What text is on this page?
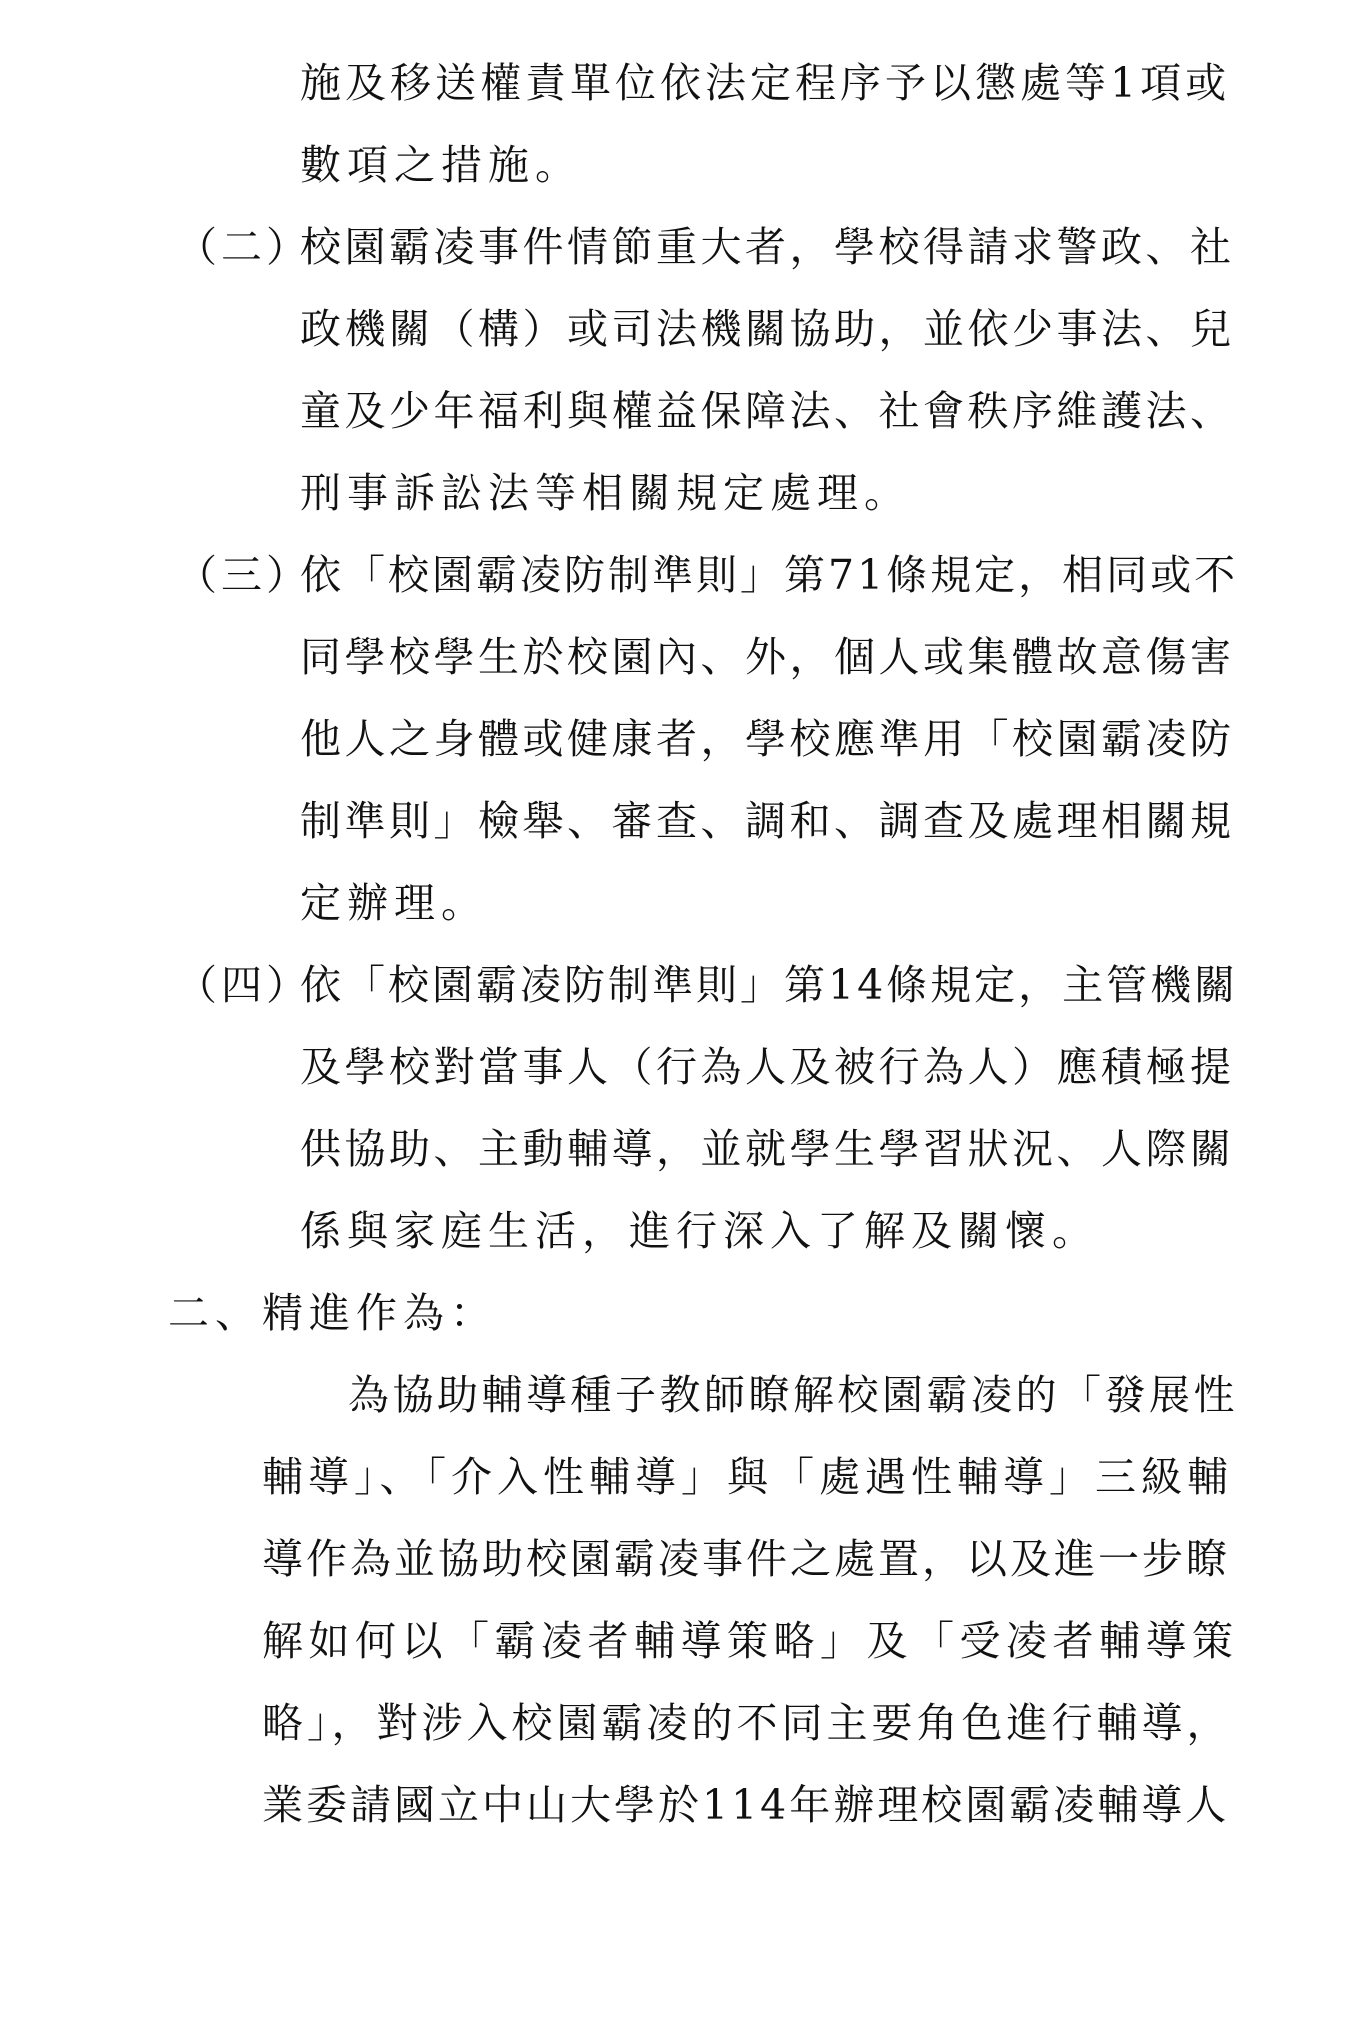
施及移送權責單位依法定程序予以懲處等1項或
數項之措施。
（二）
校園霸凌事件情節重大者，學校得請求警政、社
政機關（構）或司法機關協助，並依少事法、兒
童及少年福利與權益保障法、社會秩序維護法、
刑事訴訟法等相關規定處理。
（三）
依「校園霸凌防制準則」第71條規定，相同或不
同學校學生於校園內、外，個人或集體故意傷害
他人之身體或健康者，學校應準用「校園霸凌防
制準則」檢舉、審查、調和、調查及處理相關規
定辦理。
（四）
依「校園霸凌防制準則」第14條規定，主管機關
及學校對當事人（行為人及被行為人）應積極提
供協助、主動輔導，並就學生學習狀況、人際關
係與家庭生活，進行深入了解及關懷。
二、精進作為：
為協助輔導種子教師瞭解校園霸凌的「發展性
輔導」、「介入性輔導」與「處遇性輔導」三級輔
導作為並協助校園霸凌事件之處置，以及進一步瞭
解如何以「霸凌者輔導策略」及「受凌者輔導策
略」，對涉入校園霸凌的不同主要角色進行輔導，
業委請國立中山大學於114年辦理校園霸凌輔導人
